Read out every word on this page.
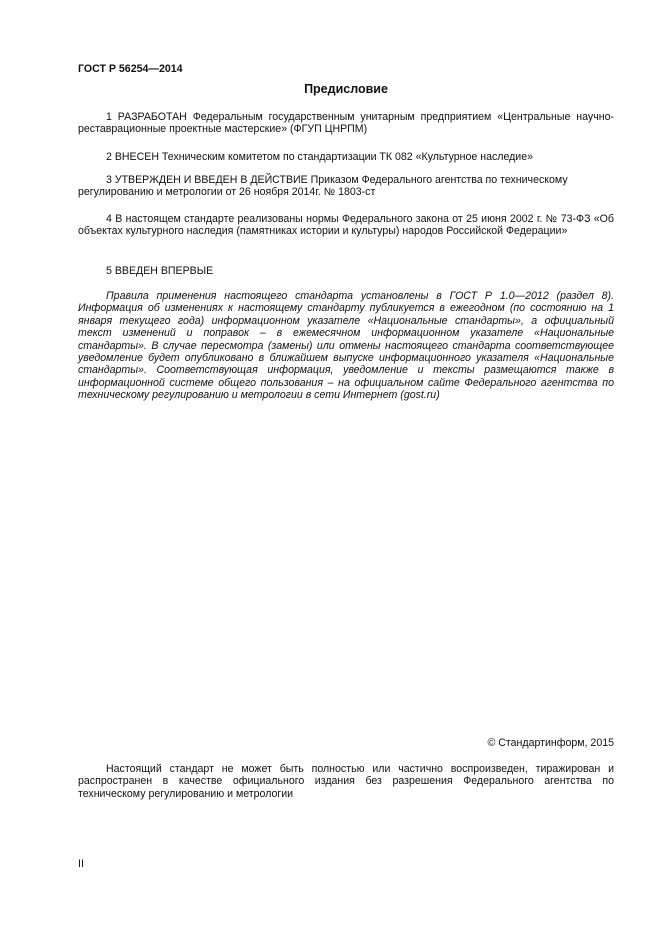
ГОСТ Р 56254—2014
Предисловие

1 РАЗРАБОТАН Федеральным государственным унитарным предприятием «Центральные научно-реставрационные проектные мастерские» (ФГУП ЦНРПМ)

2 ВНЕСЕН Техническим комитетом по стандартизации ТК 082 «Культурное наследие»

3 УТВЕРЖДЕН И ВВЕДЕН В ДЕЙСТВИЕ Приказом Федерального агентства по техническому регулированию и метрологии от 26 ноября 2014г. № 1803-ст

4 В настоящем стандарте реализованы нормы Федерального закона от 25 июня 2002 г. № 73-ФЗ «Об объектах культурного наследия (памятниках истории и культуры) народов Российской Федерации»

5 ВВЕДЕН ВПЕРВЫЕ

Правила применения настоящего стандарта установлены в ГОСТ Р 1.0—2012 (раздел 8). Информация об изменениях к настоящему стандарту публикуется в ежегодном (по состоянию на 1 января текущего года) информационном указателе «Национальные стандарты», а официальный текст изменений и поправок – в ежемесячном информационном указателе «Национальные стандарты». В случае пересмотра (замены) или отмены настоящего стандарта соответствующее уведомление будет опубликовано в ближайшем выпуске информационного указателя «Национальные стандарты». Соответствующая информация, уведомление и тексты размещаются также в информационной системе общего пользования – на официальном сайте Федерального агентства по техническому регулированию и метрологии в сети Интернет (gost.ru)

© Стандартинформ, 2015

Настоящий стандарт не может быть полностью или частично воспроизведен, тиражирован и распространен в качестве официального издания без разрешения Федерального агентства по техническому регулированию и метрологии

II
